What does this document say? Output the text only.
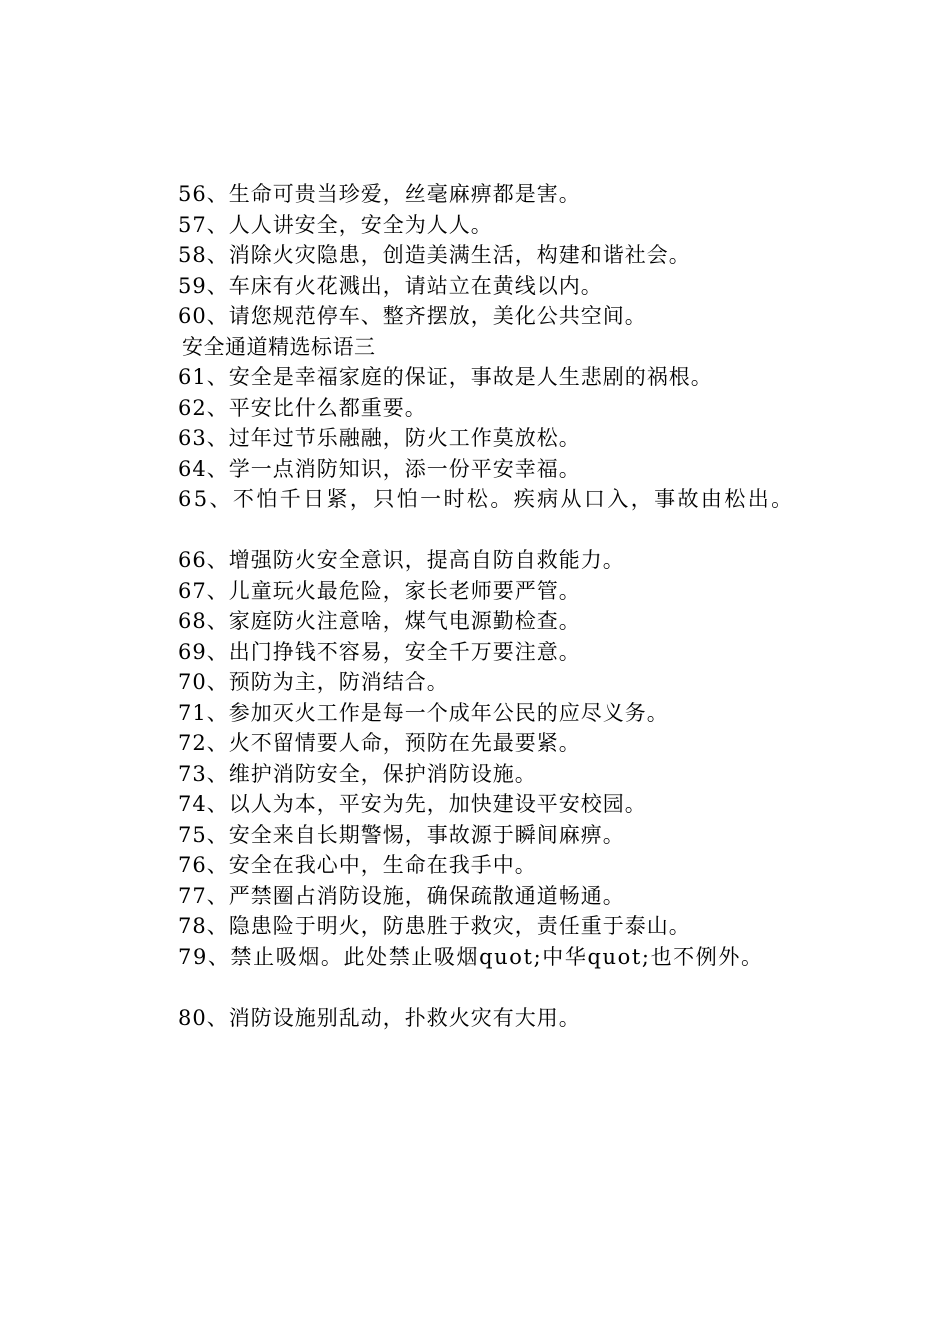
56、生命可贵当珍爱，丝毫麻痹都是害。
57、人人讲安全，安全为人人。
58、消除火灾隐患，创造美满生活，构建和谐社会。
59、车床有火花溅出，请站立在黄线以内。
60、请您规范停车、整齐摆放，美化公共空间。
安全通道精选标语三
61、安全是幸福家庭的保证，事故是人生悲剧的祸根。
62、平安比什么都重要。
63、过年过节乐融融，防火工作莫放松。
64、学一点消防知识，添一份平安幸福。
65、不怕千日紧，只怕一时松。疾病从口入，事故由松出。
66、增强防火安全意识，提高自防自救能力。
67、儿童玩火最危险，家长老师要严管。
68、家庭防火注意啥，煤气电源勤检查。
69、出门挣钱不容易，安全千万要注意。
70、预防为主，防消结合。
71、参加灭火工作是每一个成年公民的应尽义务。
72、火不留情要人命，预防在先最要紧。
73、维护消防安全，保护消防设施。
74、以人为本，平安为先，加快建设平安校园。
75、安全来自长期警惕，事故源于瞬间麻痹。
76、安全在我心中，生命在我手中。
77、严禁圈占消防设施，确保疏散通道畅通。
78、隐患险于明火，防患胜于救灾，责任重于泰山。
79、禁止吸烟。此处禁止吸烟quot;中华quot;也不例外。
80、消防设施别乱动，扑救火灾有大用。
